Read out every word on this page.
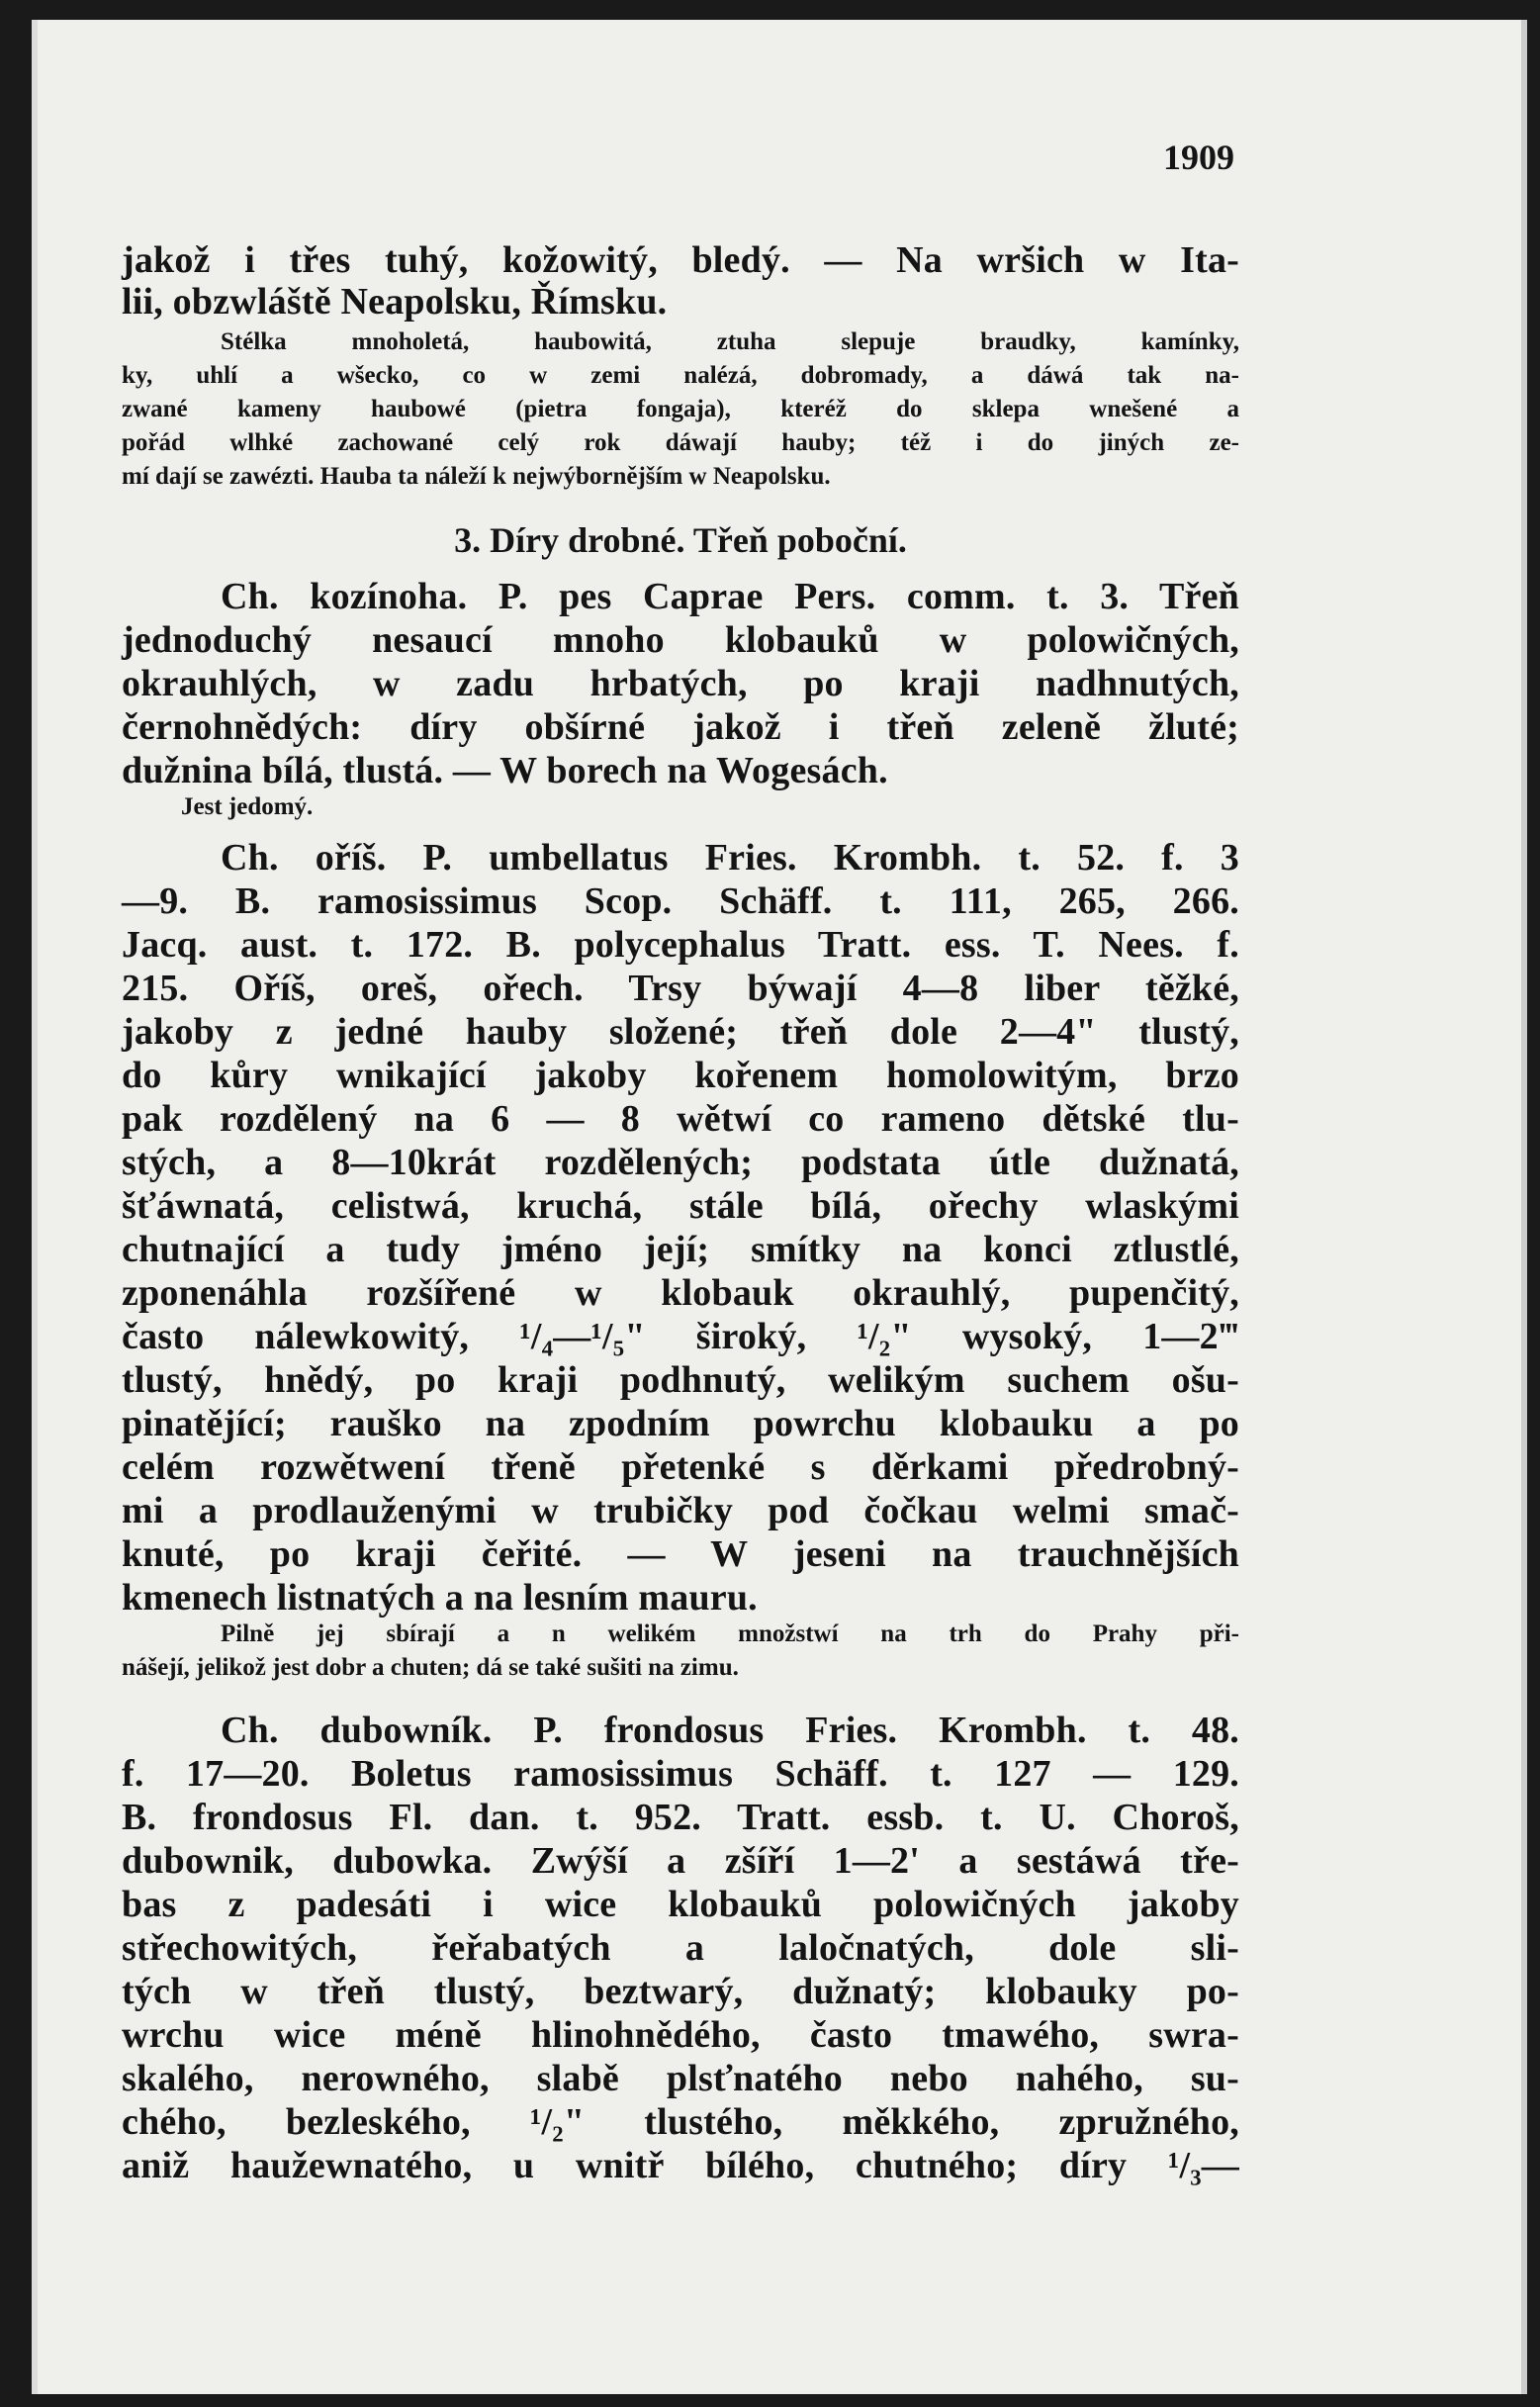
1909
jakož i třes tuhý, kožowitý, bledý. — Na wršich w Ita-
lii, obzwláště Neapolsku, Římsku.
Stélka mnoholetá, haubowitá, ztuha slepuje braudky, kamínky,
ky, uhlí a wšecko, co w zemi nalézá, dobromady, a dáwá tak na-
zwané kameny haubowé (pietra fongaja), kteréž do sklepa wnešené a
pořád wlhké zachowané celý rok dáwají hauby; též i do jiných ze-
mí dají se zawézti. Hauba ta náleží k nejwýbornějším w Neapolsku.
3. Díry drobné. Třeň poboční.
Ch. kozínoha. P. pes Caprae Pers. comm. t. 3. Třeň
jednoduchý nesaucí mnoho klobauků w polowičných,
okrauhlých, w zadu hrbatých, po kraji nadhnutých,
černohnědých: díry obšírné jakož i třeň zeleně žluté;
dužnina bílá, tlustá. — W borech na Wogesách.
Jest jedomý.
Ch. oříš. P. umbellatus Fries. Krombh. t. 52. f. 3
—9. B. ramosissimus Scop. Schäff. t. 111, 265, 266.
Jacq. aust. t. 172. B. polycephalus Tratt. ess. T. Nees. f.
215. Oříš, oreš, ořech. Trsy býwají 4—8 liber těžké,
jakoby z jedné hauby složené; třeň dole 2—4" tlustý,
do kůry wnikající jakoby kořenem homolowitým, brzo
pak rozdělený na 6 — 8 wětwí co rameno dětské tlu-
stých, a 8—10krát rozdělených; podstata útle dužnatá,
šťáwnatá, celistwá, kruchá, stále bílá, ořechy wlaskými
chutnající a tudy jméno její; smítky na konci ztlustlé,
zponenáhla rozšířené w klobauk okrauhlý, pupenčitý,
často nálewkowitý, ¹/₄—¹/₅" široký, ¹/₂" wysoký, 1—2‴
tlustý, hnědý, po kraji podhnutý, welikým suchem ošu-
pinatějící; rauško na zpodním powrchu klobauku a po
celém rozwětwení třeně přetenké s děrkami předrobný-
mi a prodlauženými w trubičky pod čočkau welmi smač-
knuté, po kraji čeřité. — W jeseni na trauchnějších
kmenech listnatých a na lesním mauru.
Pilně jej sbírají a n welikém množstwí na trh do Prahy při-
nášejí, jelikož jest dobr a chuten; dá se také sušiti na zimu.
Ch. dubowník. P. frondosus Fries. Krombh. t. 48.
f. 17—20. Boletus ramosissimus Schäff. t. 127 — 129.
B. frondosus Fl. dan. t. 952. Tratt. essb. t. U. Choroš,
dubownik, dubowka. Zwýší a zšíří 1—2' a sestáwá tře-
bas z padesáti i wice klobauků polowičných jakoby
střechowitých, řeřabatých a laločnatých, dole sli-
tých w třeň tlustý, beztwarý, dužnatý; klobauky po-
wrchu wice méně hlinohnědého, často tmawého, swra-
skalého, nerowného, slabě plsťnatého nebo nahého, su-
chého, bezleského, ¹/₂" tlustého, měkkého, zpružného,
aniž haužewnatého, u wnitř bílého, chutného; díry ¹/₃—
